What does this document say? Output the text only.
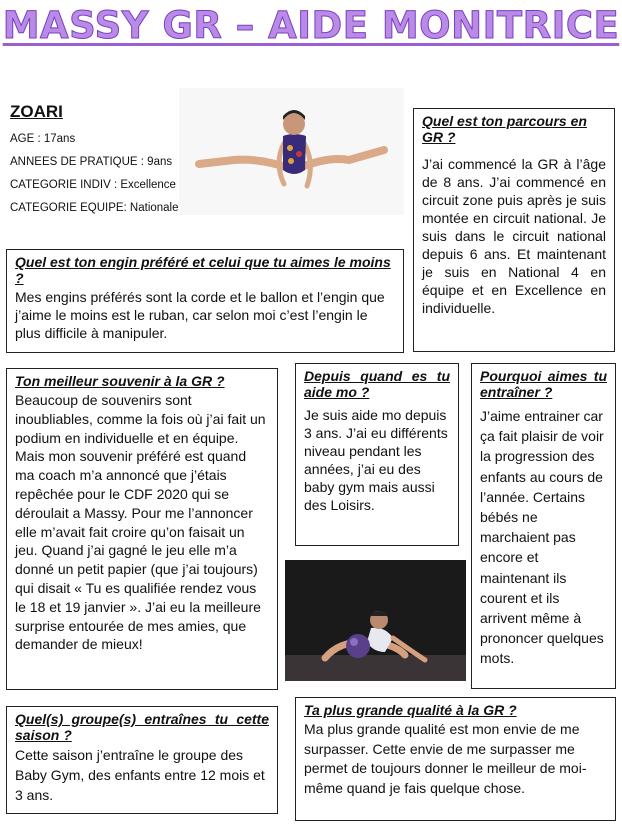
MASSY GR – AIDE MONITRICE
ZOARI
AGE : 17ans
ANNEES DE PRATIQUE : 9ans
CATEGORIE INDIV : Excellence
CATEGORIE EQUIPE: Nationale
Quel est ton parcours en GR ?
J’ai commencé la GR à l’âge de 8 ans. J’ai commencé en circuit zone puis après je suis montée en circuit national. Je suis dans le circuit national depuis 6 ans. Et maintenant je suis en National 4 en équipe et en Excellence en individuelle.
Quel est ton engin préféré et celui que tu aimes le moins ?
Mes engins préférés sont la corde et le ballon et l’engin que j’aime le moins est le ruban, car selon moi c’est l’engin le plus difficile à manipuler.
Ton meilleur souvenir à la GR ?
Beaucoup de souvenirs sont inoubliables, comme la fois où j’ai fait un podium en individuelle et en équipe. Mais mon souvenir préféré est quand ma coach m’a annoncé que j’étais repêchée pour le CDF 2020 qui se déroulait a Massy. Pour me l’annoncer elle m’avait fait croire qu’on faisait un jeu. Quand j’ai gagné le jeu elle m’a donné un petit papier (que j’ai toujours) qui disait « Tu es qualifiée rendez vous le 18 et 19 janvier ». J’ai eu la meilleure surprise entourée de mes amies, que demander de mieux!
Depuis quand es tu aide mo ?
Je suis aide mo depuis 3 ans. J’ai eu différents niveau pendant les années, j’ai eu des baby gym mais aussi des Loisirs.
Pourquoi aimes tu entraîner ?
J’aime entrainer car ça fait plaisir de voir la progression des enfants au cours de l’année. Certains bébés ne marchaient pas encore et maintenant ils courent et ils arrivent même à prononcer quelques mots.
Quel(s) groupe(s) entraînes tu cette saison ?
Cette saison j’entraîne le groupe des Baby Gym, des enfants entre 12 mois et 3 ans.
Ta plus grande qualité à la GR ?
Ma plus grande qualité est mon envie de me surpasser. Cette envie de me surpasser me permet de toujours donner le meilleur de moi-même quand je fais quelque chose.
